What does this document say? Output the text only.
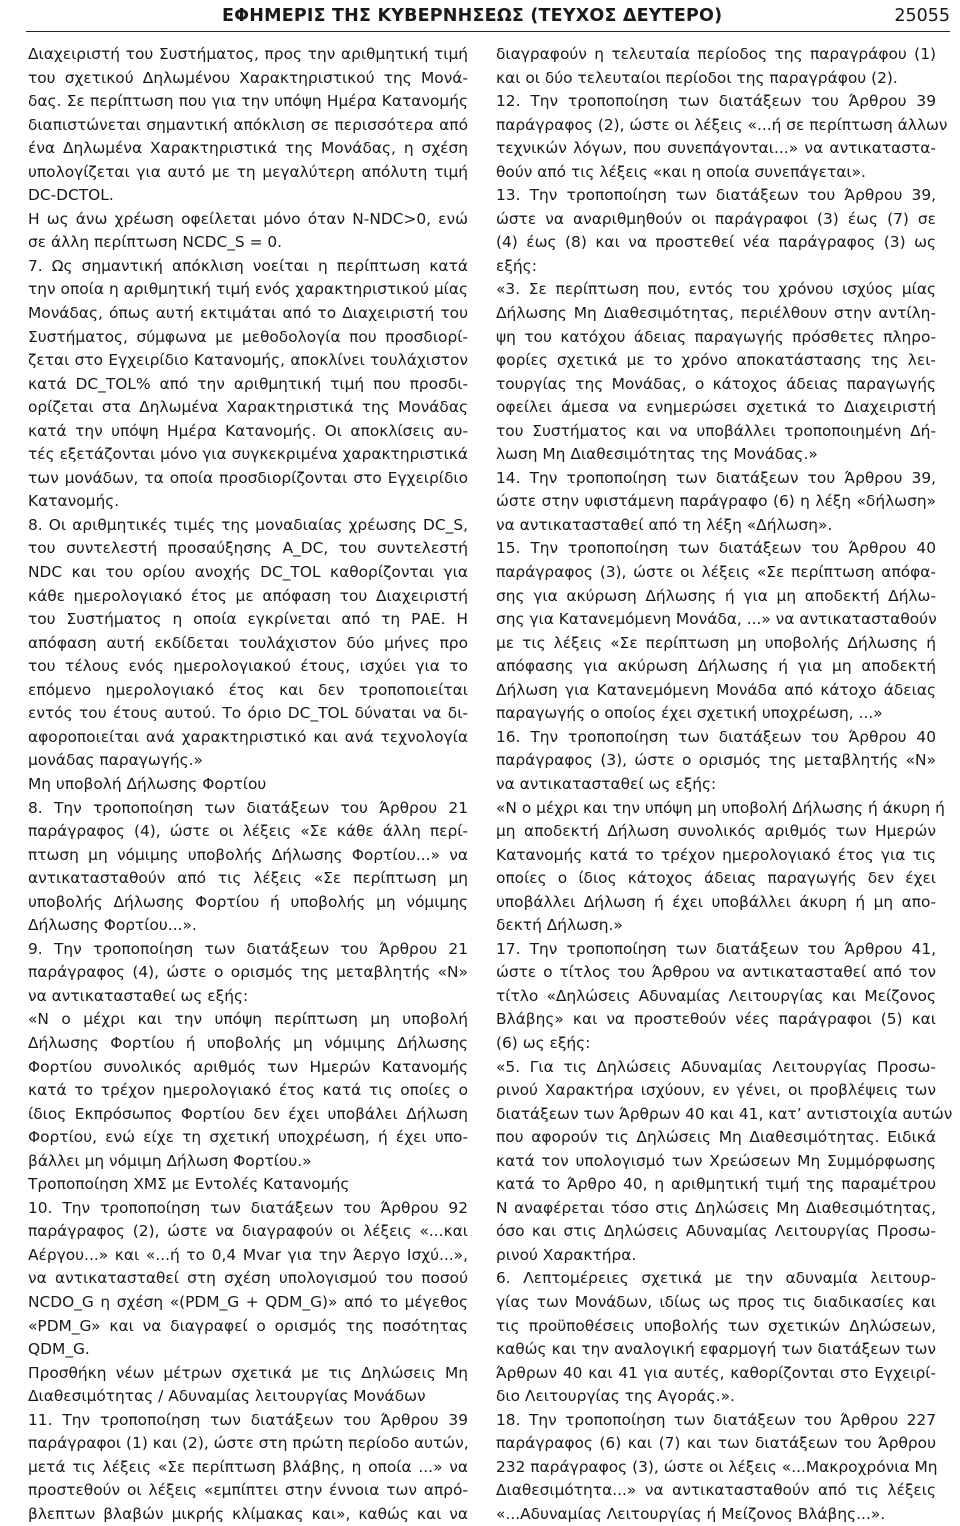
ΕΦΗΜΕΡΙΣ ΤΗΣ ΚΥΒΕΡΝΗΣΕΩΣ (ΤΕΥΧΟΣ ΔΕΥΤΕΡΟ)	25055
Διαχειριστή του Συστήματος, προς την αριθμητική τιμή
του σχετικού Δηλωμένου Χαρακτηριστικού της Μονά-
δας. Σε περίπτωση που για την υπόψη Ημέρα Κατανομής
διαπιστώνεται σημαντική απόκλιση σε περισσότερα από
ένα Δηλωμένα Χαρακτηριστικά της Μονάδας, η σχέση
υπολογίζεται για αυτό με τη μεγαλύτερη απόλυτη τιμή
DC-DCTOL.
Η ως άνω χρέωση οφείλεται μόνο όταν N-NDC>0, ενώ
σε άλλη περίπτωση NCDC_S = 0.
7. Ως σημαντική απόκλιση νοείται η περίπτωση κατά
την οποία η αριθμητική τιμή ενός χαρακτηριστικού μίας
Μονάδας, όπως αυτή εκτιμάται από το Διαχειριστή του
Συστήματος, σύμφωνα με μεθοδολογία που προσδιορί-
ζεται στο Εγχειρίδιο Κατανομής, αποκλίνει τουλάχιστον
κατά DC_TOL% από την αριθμητική τιμή που προσδι-
ορίζεται στα Δηλωμένα Χαρακτηριστικά της Μονάδας
κατά την υπόψη Ημέρα Κατανομής. Οι αποκλίσεις αυ-
τές εξετάζονται μόνο για συγκεκριμένα χαρακτηριστικά
των μονάδων, τα οποία προσδιορίζονται στο Εγχειρίδιο
Κατανομής.
8. Οι αριθμητικές τιμές της μοναδιαίας χρέωσης DC_S,
του συντελεστή προσαύξησης A_DC, του συντελεστή
NDC και του ορίου ανοχής DC_TOL καθορίζονται για
κάθε ημερολογιακό έτος με απόφαση του Διαχειριστή
του Συστήματος η οποία εγκρίνεται από τη ΡΑΕ. Η
απόφαση αυτή εκδίδεται τουλάχιστον δύο μήνες προ
του τέλους ενός ημερολογιακού έτους, ισχύει για το
επόμενο ημερολογιακό έτος και δεν τροποποιείται
εντός του έτους αυτού. Το όριο DC_TOL δύναται να δι-
αφοροποιείται ανά χαρακτηριστικό και ανά τεχνολογία
μονάδας παραγωγής.»
Μη υποβολή Δήλωσης Φορτίου
8. Την τροποποίηση των διατάξεων του Άρθρου 21
παράγραφος (4), ώστε οι λέξεις «Σε κάθε άλλη περί-
πτωση μη νόμιμης υποβολής Δήλωσης Φορτίου...» να
αντικατασταθούν από τις λέξεις «Σε περίπτωση μη
υποβολής Δήλωσης Φορτίου ή υποβολής μη νόμιμης
Δήλωσης Φορτίου...».
9. Την τροποποίηση των διατάξεων του Άρθρου 21
παράγραφος (4), ώστε ο ορισμός της μεταβλητής «N»
να αντικατασταθεί ως εξής:
«N ο μέχρι και την υπόψη περίπτωση μη υποβολή
Δήλωσης Φορτίου ή υποβολής μη νόμιμης Δήλωσης
Φορτίου συνολικός αριθμός των Ημερών Κατανομής
κατά το τρέχον ημερολογιακό έτος κατά τις οποίες ο
ίδιος Εκπρόσωπος Φορτίου δεν έχει υποβάλει Δήλωση
Φορτίου, ενώ είχε τη σχετική υποχρέωση, ή έχει υπο-
βάλλει μη νόμιμη Δήλωση Φορτίου.»
Τροποποίηση ΧΜΣ με Εντολές Κατανομής
10. Την τροποποίηση των διατάξεων του Άρθρου 92
παράγραφος (2), ώστε να διαγραφούν οι λέξεις «...και
Αέργου...» και «...ή το 0,4 Mvar για την Άεργο Ισχύ...»,
να αντικατασταθεί στη σχέση υπολογισμού του ποσού
NCDO_G η σχέση «(PDM_G + QDM_G)» από το μέγεθος
«PDM_G» και να διαγραφεί ο ορισμός της ποσότητας
QDM_G.
Προσθήκη νέων μέτρων σχετικά με τις Δηλώσεις Μη
Διαθεσιμότητας / Αδυναμίας λειτουργίας Μονάδων
11. Την τροποποίηση των διατάξεων του Άρθρου 39
παράγραφοι (1) και (2), ώστε στη πρώτη περίοδο αυτών,
μετά τις λέξεις «Σε περίπτωση βλάβης, η οποία ...» να
προστεθούν οι λέξεις «εμπίπτει στην έννοια των απρό-
βλεπτων βλαβών μικρής κλίμακας και», καθώς και να
διαγραφούν η τελευταία περίοδος της παραγράφου (1)
και οι δύο τελευταίοι περίοδοι της παραγράφου (2).
12. Την τροποποίηση των διατάξεων του Άρθρου 39
παράγραφος (2), ώστε οι λέξεις «...ή σε περίπτωση άλλων
τεχνικών λόγων, που συνεπάγονται...» να αντικαταστα-
θούν από τις λέξεις «και η οποία συνεπάγεται».
13. Την τροποποίηση των διατάξεων του Άρθρου 39,
ώστε να αναριθμηθούν οι παράγραφοι (3) έως (7) σε
(4) έως (8) και να προστεθεί νέα παράγραφος (3) ως
εξής:
«3. Σε περίπτωση που, εντός του χρόνου ισχύος μίας
Δήλωσης Μη Διαθεσιμότητας, περιέλθουν στην αντίλη-
ψη του κατόχου άδειας παραγωγής πρόσθετες πληρο-
φορίες σχετικά με το χρόνο αποκατάστασης της λει-
τουργίας της Μονάδας, ο κάτοχος άδειας παραγωγής
οφείλει άμεσα να ενημερώσει σχετικά το Διαχειριστή
του Συστήματος και να υποβάλλει τροποποιημένη Δή-
λωση Μη Διαθεσιμότητας της Μονάδας.»
14. Την τροποποίηση των διατάξεων του Άρθρου 39,
ώστε στην υφιστάμενη παράγραφο (6) η λέξη «δήλωση»
να αντικατασταθεί από τη λέξη «Δήλωση».
15. Την τροποποίηση των διατάξεων του Άρθρου 40
παράγραφος (3), ώστε οι λέξεις «Σε περίπτωση απόφα-
σης για ακύρωση Δήλωσης ή για μη αποδεκτή Δήλω-
σης για Κατανεμόμενη Μονάδα, ...» να αντικατασταθούν
με τις λέξεις «Σε περίπτωση μη υποβολής Δήλωσης ή
απόφασης για ακύρωση Δήλωσης ή για μη αποδεκτή
Δήλωση για Κατανεμόμενη Μονάδα από κάτοχο άδειας
παραγωγής ο οποίος έχει σχετική υποχρέωση, ...»
16. Την τροποποίηση των διατάξεων του Άρθρου 40
παράγραφος (3), ώστε ο ορισμός της μεταβλητής «N»
να αντικατασταθεί ως εξής:
«N ο μέχρι και την υπόψη μη υποβολή Δήλωσης ή άκυρη ή
μη αποδεκτή Δήλωση συνολικός αριθμός των Ημερών
Κατανομής κατά το τρέχον ημερολογιακό έτος για τις
οποίες ο ίδιος κάτοχος άδειας παραγωγής δεν έχει
υποβάλλει Δήλωση ή έχει υποβάλλει άκυρη ή μη απο-
δεκτή Δήλωση.»
17. Την τροποποίηση των διατάξεων του Άρθρου 41,
ώστε ο τίτλος του Άρθρου να αντικατασταθεί από τον
τίτλο «Δηλώσεις Αδυναμίας Λειτουργίας και Μείζονος
Βλάβης» και να προστεθούν νέες παράγραφοι (5) και
(6) ως εξής:
«5. Για τις Δηλώσεις Αδυναμίας Λειτουργίας Προσω-
ρινού Χαρακτήρα ισχύουν, εν γένει, οι προβλέψεις των
διατάξεων των Άρθρων 40 και 41, κατ’ αντιστοιχία αυτών
που αφορούν τις Δηλώσεις Μη Διαθεσιμότητας. Ειδικά
κατά τον υπολογισμό των Χρεώσεων Μη Συμμόρφωσης
κατά το Άρθρο 40, η αριθμητική τιμή της παραμέτρου
N αναφέρεται τόσο στις Δηλώσεις Μη Διαθεσιμότητας,
όσο και στις Δηλώσεις Αδυναμίας Λειτουργίας Προσω-
ρινού Χαρακτήρα.
6. Λεπτομέρειες σχετικά με την αδυναμία λειτουρ-
γίας των Μονάδων, ιδίως ως προς τις διαδικασίες και
τις προϋποθέσεις υποβολής των σχετικών Δηλώσεων,
καθώς και την αναλογική εφαρμογή των διατάξεων των
Άρθρων 40 και 41 για αυτές, καθορίζονται στο Εγχειρί-
διο Λειτουργίας της Αγοράς.».
18. Την τροποποίηση των διατάξεων του Άρθρου 227
παράγραφος (6) και (7) και των διατάξεων του Άρθρου
232 παράγραφος (3), ώστε οι λέξεις «...Μακροχρόνια Μη
Διαθεσιμότητα...» να αντικατασταθούν από τις λέξεις
«...Αδυναμίας Λειτουργίας ή Μείζονος Βλάβης...».
